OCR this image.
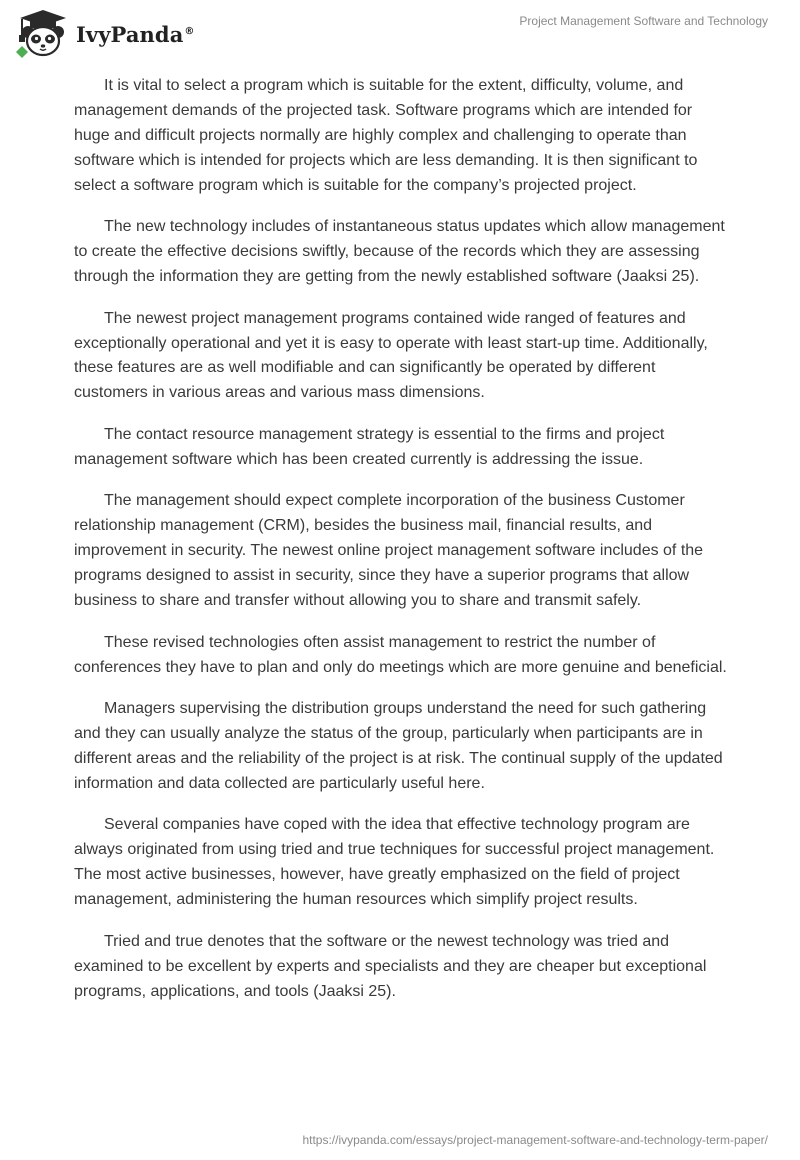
IvyPanda®
Project Management Software and Technology

It is vital to select a program which is suitable for the extent, difficulty, volume, and management demands of the projected task. Software programs which are intended for huge and difficult projects normally are highly complex and challenging to operate than software which is intended for projects which are less demanding. It is then significant to select a software program which is suitable for the company’s projected project.

The new technology includes of instantaneous status updates which allow management to create the effective decisions swiftly, because of the records which they are assessing through the information they are getting from the newly established software (Jaaksi 25).

The newest project management programs contained wide ranged of features and exceptionally operational and yet it is easy to operate with least start-up time. Additionally, these features are as well modifiable and can significantly be operated by different customers in various areas and various mass dimensions.

The contact resource management strategy is essential to the firms and project management software which has been created currently is addressing the issue.

The management should expect complete incorporation of the business Customer relationship management (CRM), besides the business mail, financial results, and improvement in security. The newest online project management software includes of the programs designed to assist in security, since they have a superior programs that allow business to share and transfer without allowing you to share and transmit safely.

These revised technologies often assist management to restrict the number of conferences they have to plan and only do meetings which are more genuine and beneficial.

Managers supervising the distribution groups understand the need for such gathering and they can usually analyze the status of the group, particularly when participants are in different areas and the reliability of the project is at risk. The continual supply of the updated information and data collected are particularly useful here.

Several companies have coped with the idea that effective technology program are always originated from using tried and true techniques for successful project management. The most active businesses, however, have greatly emphasized on the field of project management, administering the human resources which simplify project results.

Tried and true denotes that the software or the newest technology was tried and examined to be excellent by experts and specialists and they are cheaper but exceptional programs, applications, and tools (Jaaksi 25).

https://ivypanda.com/essays/project-management-software-and-technology-term-paper/
